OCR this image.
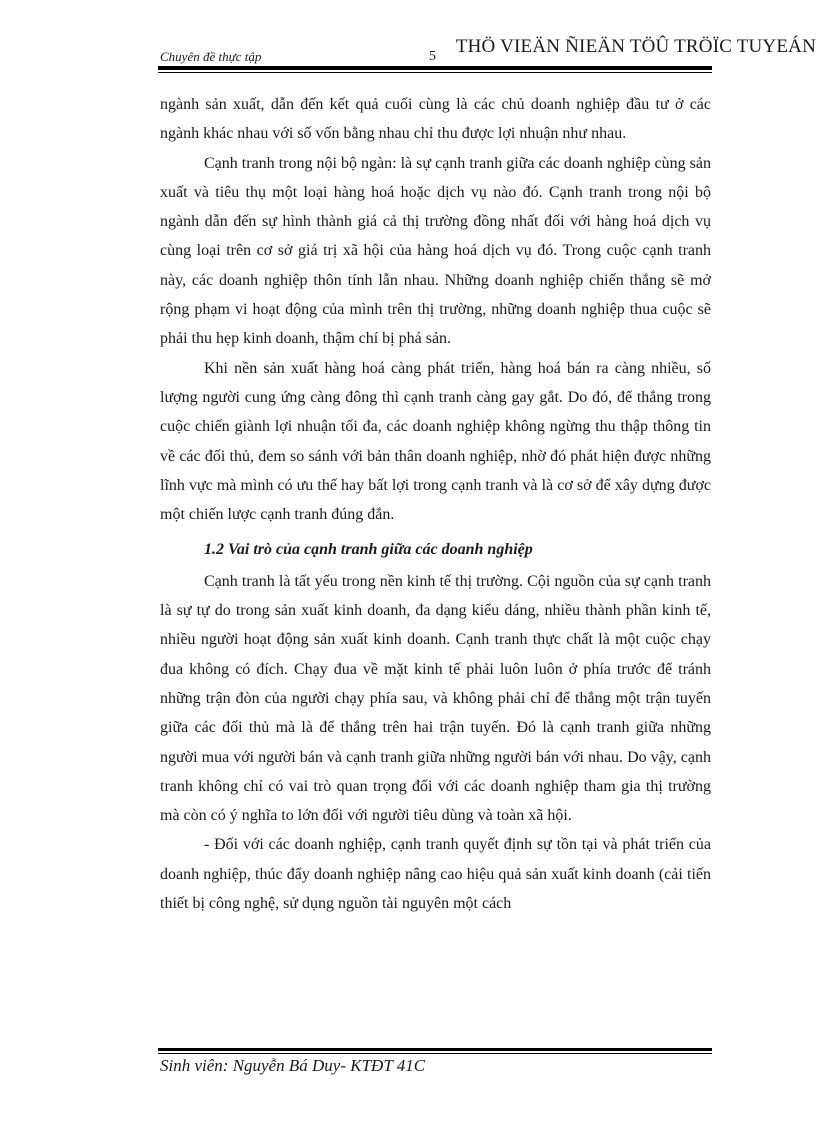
Chuyên đề thực tập	5 THÖ VIEÄN ÑIEÄN TÖÛ TRÖÏC TUYEÁN

ngành sản xuất, dẫn đến kết quả cuối cùng là các chủ doanh nghiệp đầu tư ở các ngành khác nhau với số vốn bằng nhau chỉ thu được lợi nhuận như nhau.

Cạnh tranh trong nội bộ ngàn: là sự cạnh tranh giữa các doanh nghiệp cùng sản xuất và tiêu thụ một loại hàng hoá hoặc dịch vụ nào đó. Cạnh tranh trong nội bộ ngành dẫn đến sự hình thành giá cả thị trường đồng nhất đối với hàng hoá dịch vụ cùng loại trên cơ sở giá trị xã hội của hàng hoá dịch vụ đó. Trong cuộc cạnh tranh này, các doanh nghiệp thôn tính lẫn nhau. Những doanh nghiệp chiến thắng sẽ mở rộng phạm vi hoạt động của mình trên thị trường, những doanh nghiệp thua cuộc sẽ phải thu hẹp kinh doanh, thậm chí bị phá sản.

Khi nền sản xuất hàng hoá càng phát triển, hàng hoá bán ra càng nhiều, số lượng người cung ứng càng đông thì cạnh tranh càng gay gắt. Do đó, để thắng trong cuộc chiến giành lợi nhuận tối đa, các doanh nghiệp không ngừng thu thập thông tin về các đối thủ, đem so sánh với bản thân doanh nghiệp, nhờ đó phát hiện được những lĩnh vực mà mình có ưu thế hay bất lợi trong cạnh tranh và là cơ sở để xây dựng được một chiến lược cạnh tranh đúng đắn.

1.2 Vai trò của cạnh tranh giữa các doanh nghiệp

Cạnh tranh là tất yếu trong nền kinh tế thị trường. Cội nguồn của sự cạnh tranh là sự tự do trong sản xuất kinh doanh, đa dạng kiểu dáng, nhiều thành phần kinh tế, nhiều người hoạt động sản xuất kinh doanh. Cạnh tranh thực chất là một cuộc chạy đua không có đích. Chạy đua về mặt kinh tế phải luôn luôn ở phía trước để tránh những trận đòn của người chạy phía sau, và không phải chỉ để thắng một trận tuyến giữa các đối thủ mà là để thắng trên hai trận tuyến. Đó là cạnh tranh giữa những người mua với người bán và cạnh tranh giữa những người bán với nhau. Do vậy, cạnh tranh không chỉ có vai trò quan trọng đối với các doanh nghiệp tham gia thị trường mà còn có ý nghĩa to lớn đối với người tiêu dùng và toàn xã hội.

- Đối với các doanh nghiệp, cạnh tranh quyết định sự tồn tại và phát triển của doanh nghiệp, thúc đẩy doanh nghiệp nâng cao hiệu quả sản xuất kinh doanh (cải tiến thiết bị công nghệ, sử dụng nguồn tài nguyên một cách

Sinh viên: Nguyễn Bá Duy- KTĐT 41C
